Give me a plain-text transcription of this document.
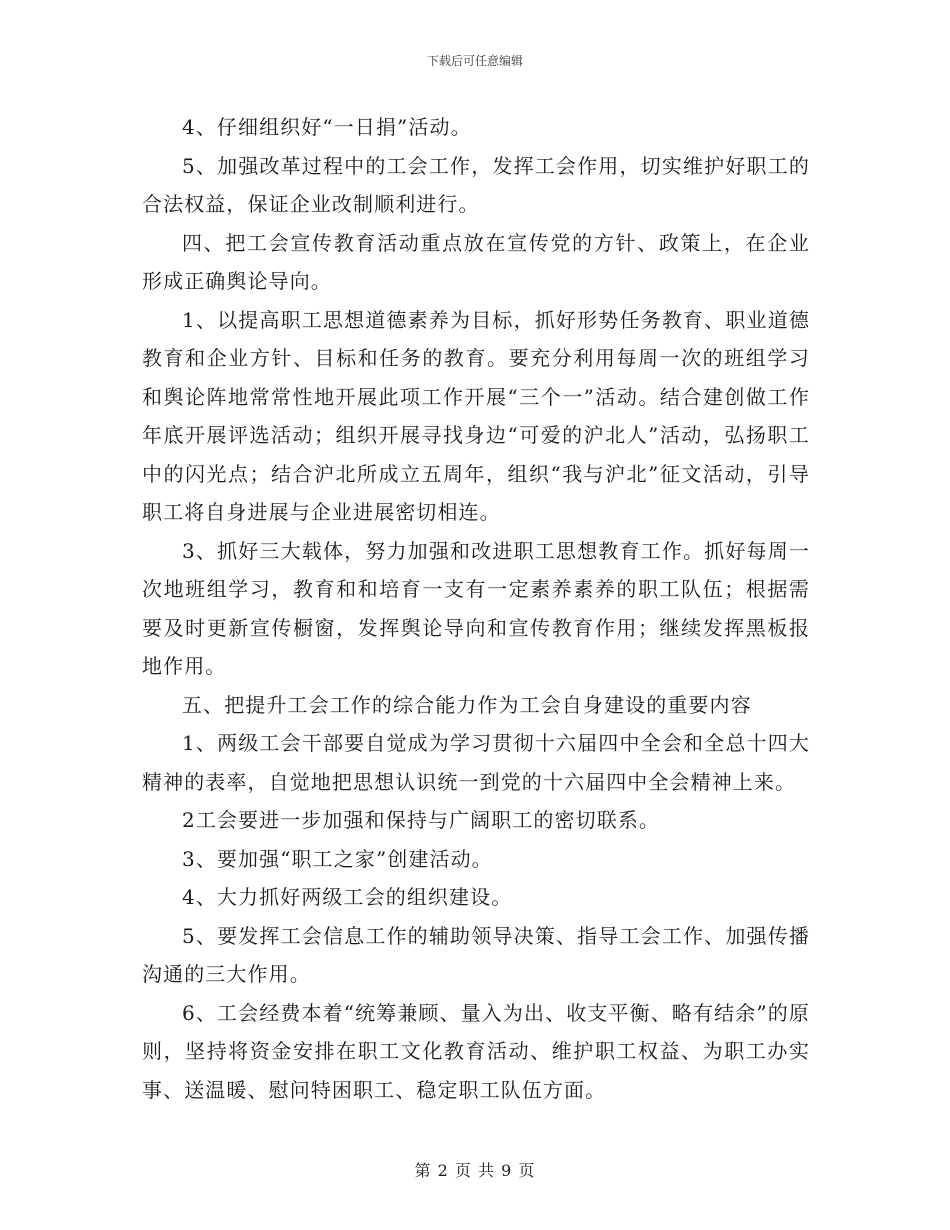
下载后可任意编辑

4、仔细组织好“一日捐”活动。

5、加强改革过程中的工会工作，发挥工会作用，切实维护好职工的合法权益，保证企业改制顺利进行。

四、把工会宣传教育活动重点放在宣传党的方针、政策上，在企业形成正确舆论导向。

1、以提高职工思想道德素养为目标，抓好形势任务教育、职业道德教育和企业方针、目标和任务的教育。要充分利用每周一次的班组学习和舆论阵地常常性地开展此项工作开展“三个一”活动。结合建创做工作年底开展评选活动；组织开展寻找身边“可爱的沪北人”活动，弘扬职工中的闪光点；结合沪北所成立五周年，组织“我与沪北”征文活动，引导职工将自身进展与企业进展密切相连。

3、抓好三大载体，努力加强和改进职工思想教育工作。抓好每周一次地班组学习，教育和和培育一支有一定素养素养的职工队伍；根据需要及时更新宣传橱窗，发挥舆论导向和宣传教育作用；继续发挥黑板报地作用。

五、把提升工会工作的综合能力作为工会自身建设的重要内容

1、两级工会干部要自觉成为学习贯彻十六届四中全会和全总十四大精神的表率，自觉地把思想认识统一到党的十六届四中全会精神上来。

2工会要进一步加强和保持与广阔职工的密切联系。

3、要加强“职工之家”创建活动。

4、大力抓好两级工会的组织建设。

5、要发挥工会信息工作的辅助领导决策、指导工会工作、加强传播沟通的三大作用。

6、工会经费本着“统筹兼顾、量入为出、收支平衡、略有结余”的原则，坚持将资金安排在职工文化教育活动、维护职工权益、为职工办实事、送温暖、慰问特困职工、稳定职工队伍方面。

第 2 页 共 9 页
